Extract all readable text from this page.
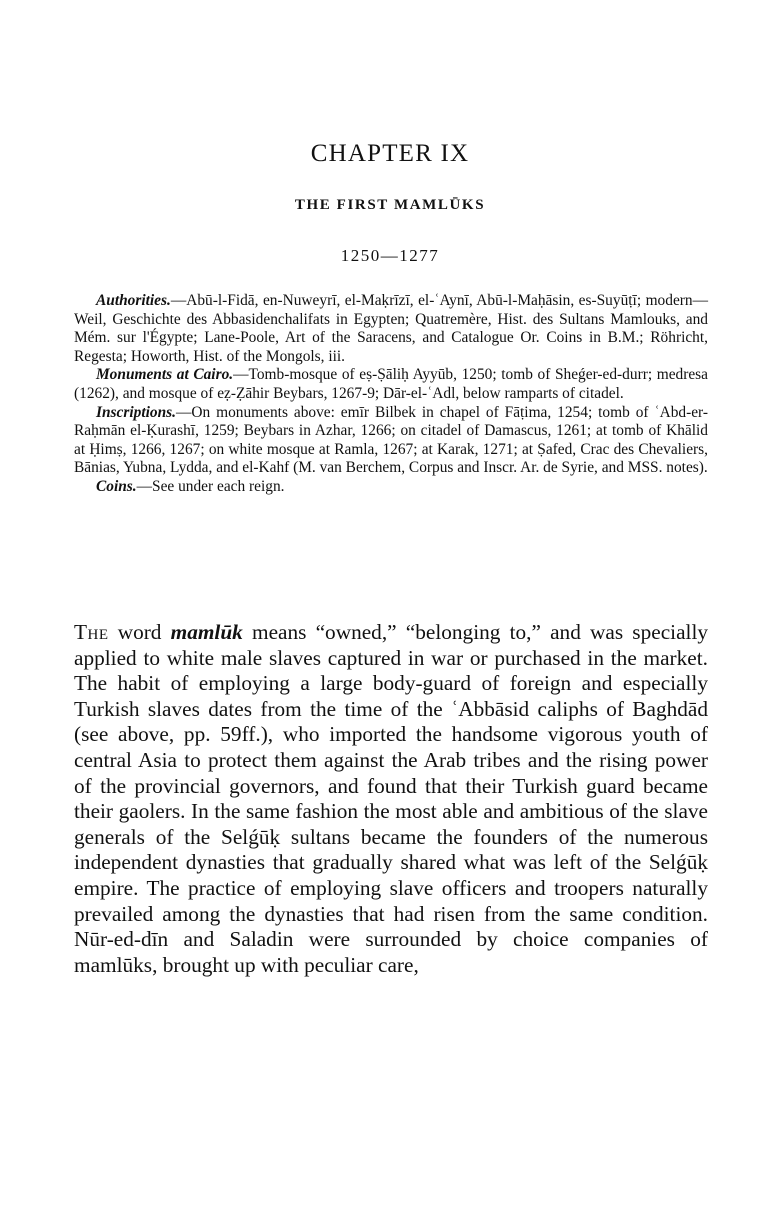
CHAPTER IX
THE FIRST MAMLŪKS
1250—1277

Authorities.—Abū-l-Fidā, en-Nuweyrī, el-Maḳrīzī, el-ʿAynī, Abū-l-Maḥāsin, es-Suyūṭī; modern—Weil, Geschichte des Abbasidenchalifats in Egypten; Quatremère, Hist. des Sultans Mamlouks, and Mém. sur l'Égypte; Lane-Poole, Art of the Saracens, and Catalogue Or. Coins in B.M.; Röhricht, Regesta; Howorth, Hist. of the Mongols, iii.

Monuments at Cairo.—Tomb-mosque of eṣ-Ṣāliḥ Ayyūb, 1250; tomb of Sheǵer-ed-durr; medresa (1262), and mosque of eẓ-Ẓāhir Beybars, 1267-9; Dār-el-ʿAdl, below ramparts of citadel.

Inscriptions.—On monuments above: emīr Bilbek in chapel of Fāṭima, 1254; tomb of ʿAbd-er-Raḥmān el-Ḳurashī, 1259; Beybars in Azhar, 1266; on citadel of Damascus, 1261; at tomb of Khālid at Ḥimṣ, 1266, 1267; on white mosque at Ramla, 1267; at Karak, 1271; at Ṣafed, Crac des Chevaliers, Bānias, Yubna, Lydda, and el-Kahf (M. van Berchem, Corpus and Inscr. Ar. de Syrie, and MSS. notes).

Coins.—See under each reign.

The word mamlūk means “owned,” “belonging to,” and was specially applied to white male slaves captured in war or purchased in the market. The habit of employing a large body-guard of foreign and especially Turkish slaves dates from the time of the ʿAbbāsid caliphs of Baghdād (see above, pp. 59ff.), who imported the handsome vigorous youth of central Asia to protect them against the Arab tribes and the rising power of the provincial governors, and found that their Turkish guard became their gaolers. In the same fashion the most able and ambitious of the slave generals of the Selǵūḳ sultans became the founders of the numerous independent dynasties that gradually shared what was left of the Selǵūḳ empire. The practice of employing slave officers and troopers naturally prevailed among the dynasties that had risen from the same condition. Nūr-ed-dīn and Saladin were surrounded by choice companies of mamlūks, brought up with peculiar care,
